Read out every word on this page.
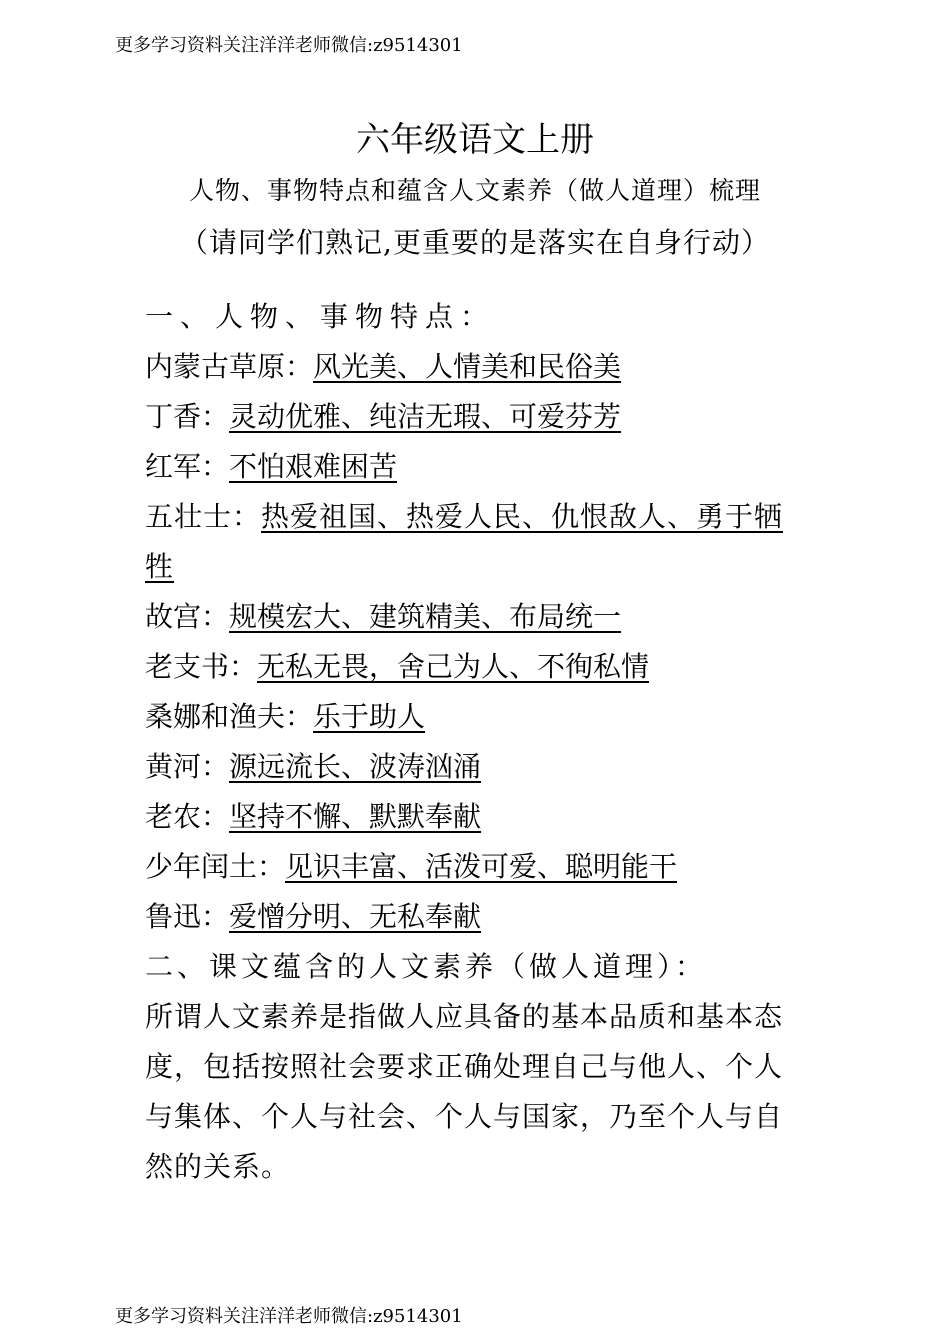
更多学习资料关注洋洋老师微信:z9514301
六年级语文上册
人物、事物特点和蕴含人文素养（做人道理）梳理
（请同学们熟记,更重要的是落实在自身行动）
一、人物、事物特点：
内蒙古草原：风光美、人情美和民俗美
丁香：灵动优雅、纯洁无瑕、可爱芬芳
红军：不怕艰难困苦
五壮士：热爱祖国、热爱人民、仇恨敌人、勇于牺牲
故宫：规模宏大、建筑精美、布局统一
老支书：无私无畏，舍己为人、不徇私情
桑娜和渔夫：乐于助人
黄河：源远流长、波涛汹涌
老农：坚持不懈、默默奉献
少年闰土：见识丰富、活泼可爱、聪明能干
鲁迅：爱憎分明、无私奉献
二、课文蕴含的人文素养（做人道理）：
所谓人文素养是指做人应具备的基本品质和基本态度，包括按照社会要求正确处理自己与他人、个人与集体、个人与社会、个人与国家，乃至个人与自然的关系。
更多学习资料关注洋洋老师微信:z9514301
